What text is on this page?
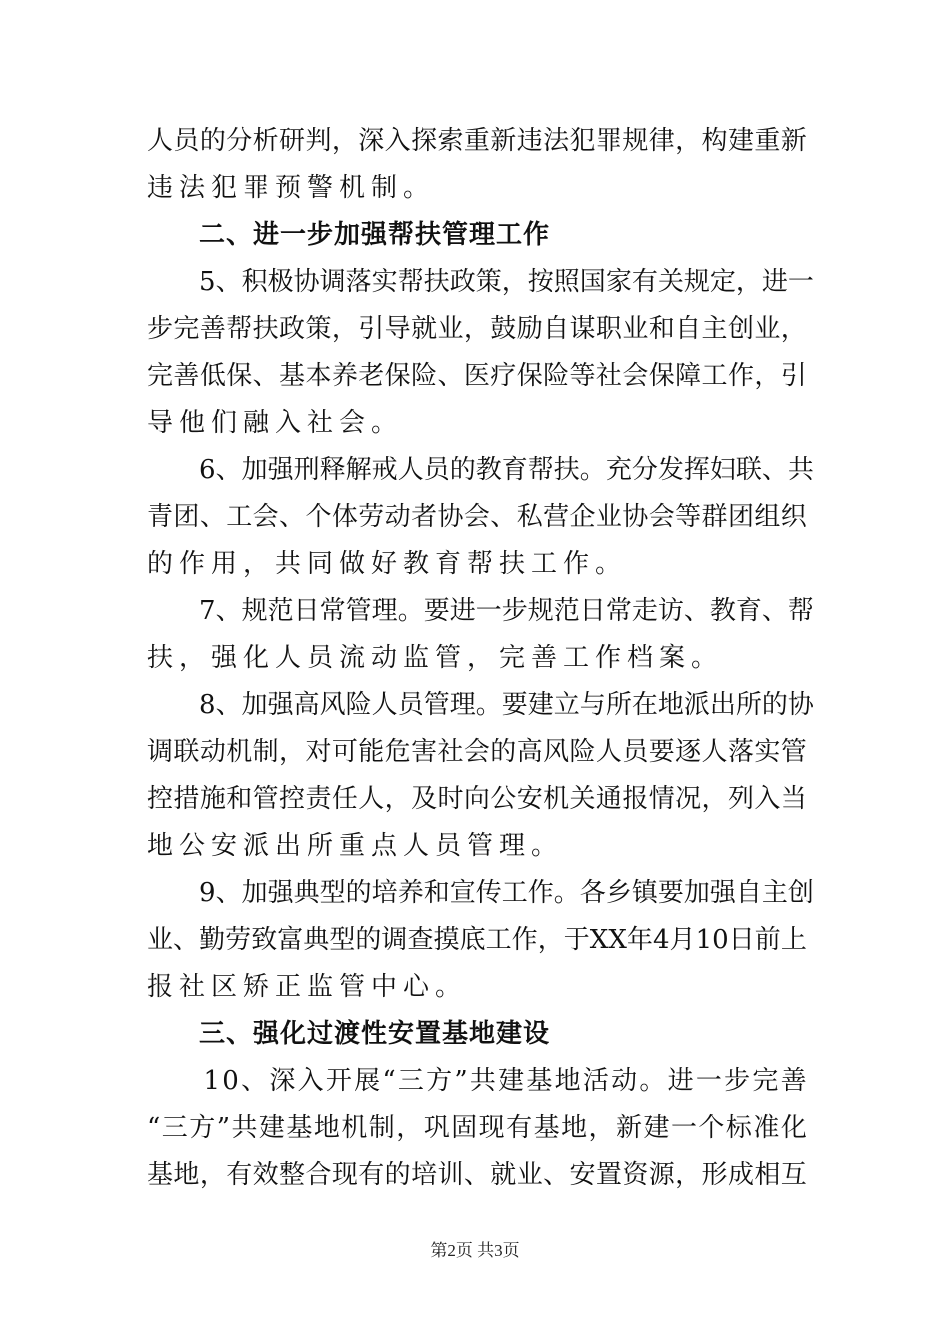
人 员 的 分 析 研 判 ， 深 入 探 索 重 新 违 法 犯 罪 规 律 ， 构 建 重 新
违法犯罪预警机制。
二、进一步加强帮扶管理工作

5 、 积 极 协 调 落 实 帮 扶 政 策 ， 按 照 国 家 有 关 规 定 ， 进 一
步 完 善 帮 扶 政 策 ， 引 导 就 业 ， 鼓 励 自 谋 职 业 和 自 主 创 业 ，
完 善 低 保 、 基 本 养 老 保 险 、 医 疗 保 险 等 社 会 保 障 工 作 ， 引
导他们融入社会。

6 、 加 强 刑 释 解 戒 人 员 的 教 育 帮 扶 。 充 分 发 挥 妇 联 、 共
青 团 、 工 会 、 个 体 劳 动 者 协 会 、 私 营 企 业 协 会 等 群 团 组 织
的作用，共同做好教育帮扶工作。

7 、 规 范 日 常 管 理 。 要 进 一 步 规 范 日 常 走 访 、 教 育 、 帮
扶，强化人员流动监管，完善工作档案。

8 、 加 强 高 风 险 人 员 管 理 。 要 建 立 与 所 在 地 派 出 所 的 协
调 联 动 机 制 ， 对 可 能 危 害 社 会 的 高 风 险 人 员 要 逐 人 落 实 管
控 措 施 和 管 控 责 任 人 ， 及 时 向 公 安 机 关 通 报 情 况 ， 列 入 当
地公安派出所重点人员管理。

9 、 加 强 典 型 的 培 养 和 宣 传 工 作 。 各 乡 镇 要 加 强 自 主 创
业 、 勤 劳 致 富 典 型 的 调 查 摸 底 工 作 ， 于 X X 年 4 月 1 0 日 前 上
报社区矫正监管中心。
三、强化过渡性安置基地建设

1 0 、 深 入 开 展 “ 三 方 ” 共 建 基 地 活 动 。 进 一 步 完 善
“ 三 方 ” 共 建 基 地 机 制 ， 巩 固 现 有 基 地 ， 新 建 一 个 标 准 化
基 地 ， 有 效 整 合 现 有 的 培 训 、 就 业 、 安 置 资 源 ， 形 成 相 互
第2页 共3页
